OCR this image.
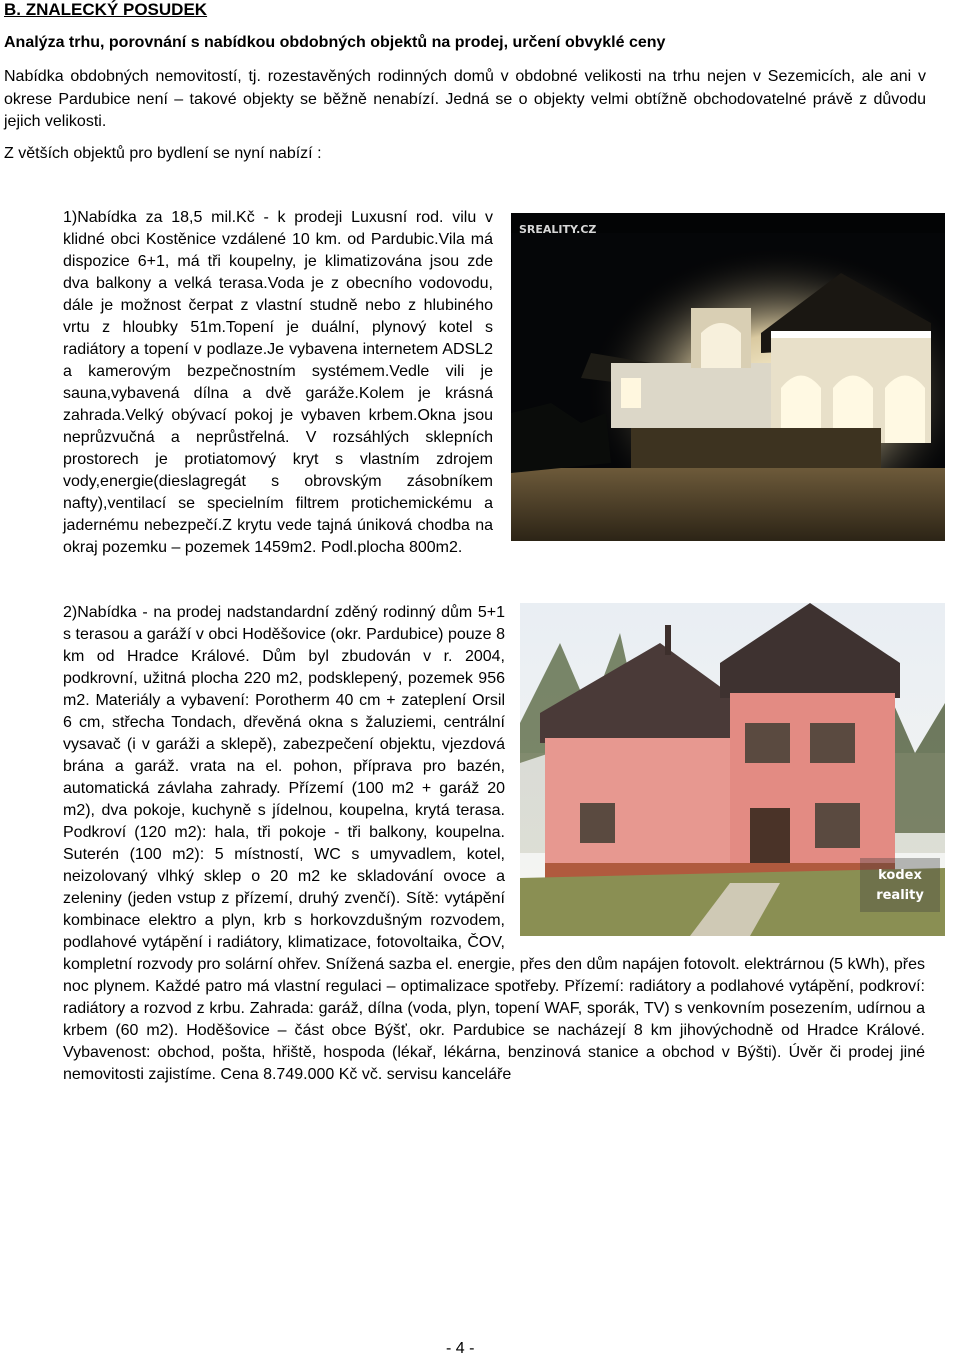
B. ZNALECKÝ POSUDEK
Analýza trhu, porovnání s nabídkou obdobných objektů na prodej, určení obvyklé ceny
Nabídka obdobných nemovitostí, tj. rozestavěných rodinných domů v obdobné velikosti na trhu nejen v Sezemicích, ale ani v okrese Pardubice není – takové objekty se běžně nenabízí. Jedná se o objekty velmi obtížně obchodovatelné právě z důvodu jejich velikosti.
Z větších objektů pro bydlení se nyní nabízí :
1)Nabídka za 18,5 mil.Kč - k prodeji Luxusní rod. vilu v klidné obci Kostěnice vzdálené 10 km. od Pardubic.Vila má dispozice 6+1, má tři koupelny, je klimatizována jsou zde dva balkony a velká terasa.Voda je z obecního vodovodu, dále je možnost čerpat z vlastní studně nebo z hlubiného vrtu z hloubky 51m.Topení je duální, plynový kotel s radiátory a topení v podlaze.Je vybavena internetem ADSL2 a kamerovým bezpečnostním systémem.Vedle vili je sauna,vybavená dílna a dvě garáže.Kolem je krásná zahrada.Velký obývací pokoj je vybaven krbem.Okna jsou neprůzvučná a neprůstřelná. V rozsáhlých sklepních prostorech je protiatomový kryt s vlastním zdrojem vody,energie(dieslagregát s obrovským zásobníkem nafty),ventilací se specielním filtrem protichemickému a jadernému nebezpečí.Z krytu vede tajná úniková chodba na okraj pozemku – pozemek 1459m2. Podl.plocha 800m2.
SREALITY.CZ
2)Nabídka - na prodej nadstandardní zděný rodinný dům 5+1 s terasou a garáží v obci Hoděšovice (okr. Pardubice) pouze 8 km od Hradce Králové. Dům byl zbudován v r. 2004, podkrovní, užitná plocha 220 m2, podsklepený, pozemek 956 m2. Materiály a vybavení: Porotherm 40 cm + zateplení Orsil 6 cm, střecha Tondach, dřevěná okna s žaluziemi, centrální vysavač (i v garáži a sklepě), zabezpečení objektu, vjezdová brána a garáž. vrata na el. pohon, příprava pro bazén, automatická závlaha zahrady. Přízemí (100 m2 + garáž 20 m2), dva pokoje, kuchyně s jídelnou, koupelna, krytá terasa. Podkroví (120 m2): hala, tři pokoje - tři balkony, koupelna. Suterén (100 m2): 5 místností, WC s umyvadlem, kotel, neizolovaný vlhký sklep o 20 m2 ke skladování ovoce a zeleniny (jeden vstup z přízemí, druhý zvenčí). Sítě: vytápění kombinace elektro a plyn, krb s horkovzdušným rozvodem, podlahové vytápění i radiátory, klimatizace, fotovoltaika, ČOV, kompletní rozvody pro solární ohřev. Snížená sazba el. energie, přes den dům napájen fotovolt. elektrárnou (5 kWh), přes noc plynem. Každé patro má vlastní regulaci – optimalizace spotřeby. Přízemí: radiátory a podlahové vytápění, podkroví: radiátory a rozvod z krbu. Zahrada: garáž, dílna (voda, plyn, topení WAF, sporák, TV) s venkovním posezením, udírnou a krbem (60 m2). Hoděšovice – část obce Býšť, okr. Pardubice se nacházejí 8 km jihovýchodně od Hradce Králové. Vybavenost: obchod, pošta, hřiště, hospoda (lékař, lékárna, benzinová stanice a obchod v Býšti). Úvěr či prodej jiné nemovitosti zajistíme. Cena 8.749.000 Kč vč. servisu kanceláře
kodex
reality
- 4 -
